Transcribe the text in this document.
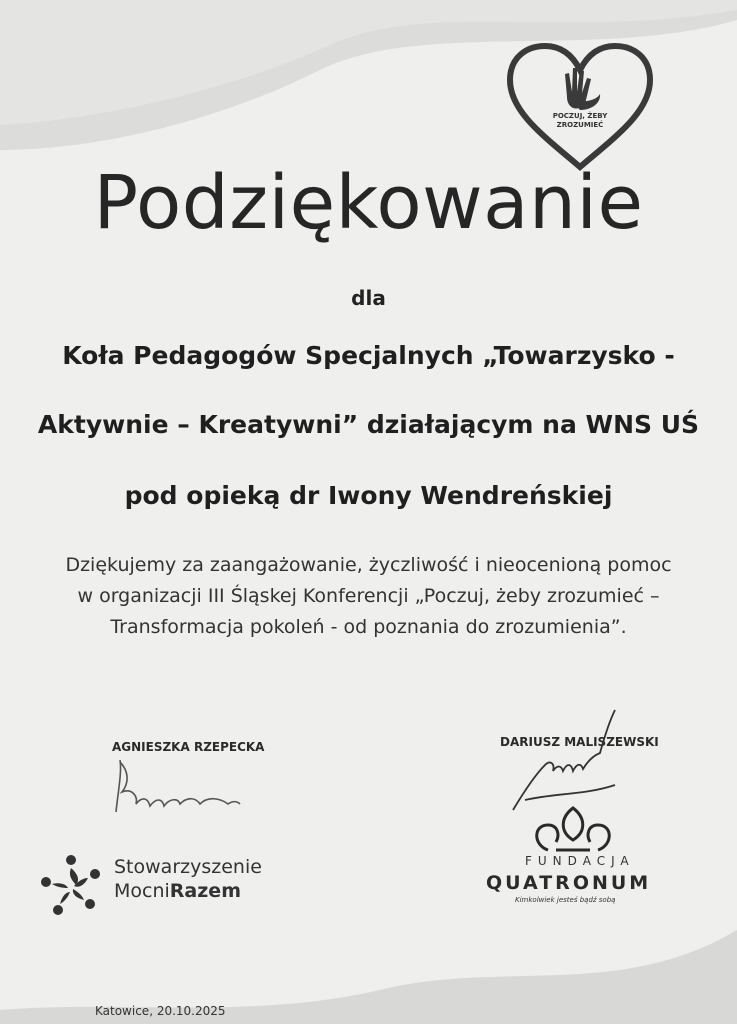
POCZUJ, ŻEBY
ZROZUMIEĆ
Podziękowanie
dla
Koła Pedagogów Specjalnych „Towarzysko -
Aktywnie – Kreatywni” działającym na WNS UŚ
pod opieką dr Iwony Wendreńskiej
Dziękujemy za zaangażowanie, życzliwość i nieocenioną pomoc
w organizacji III Śląskej Konferencji „Poczuj, żeby zrozumieć –
Transformacja pokoleń - od poznania do zrozumienia”.
AGNIESZKA RZEPECKA	DARIUSZ MALISZEWSKI
Stowarzyszenie
MocniRazem
FUNDACJA
QUATRONUM
Kimkolwiek jesteś bądź sobą
Katowice, 20.10.2025
